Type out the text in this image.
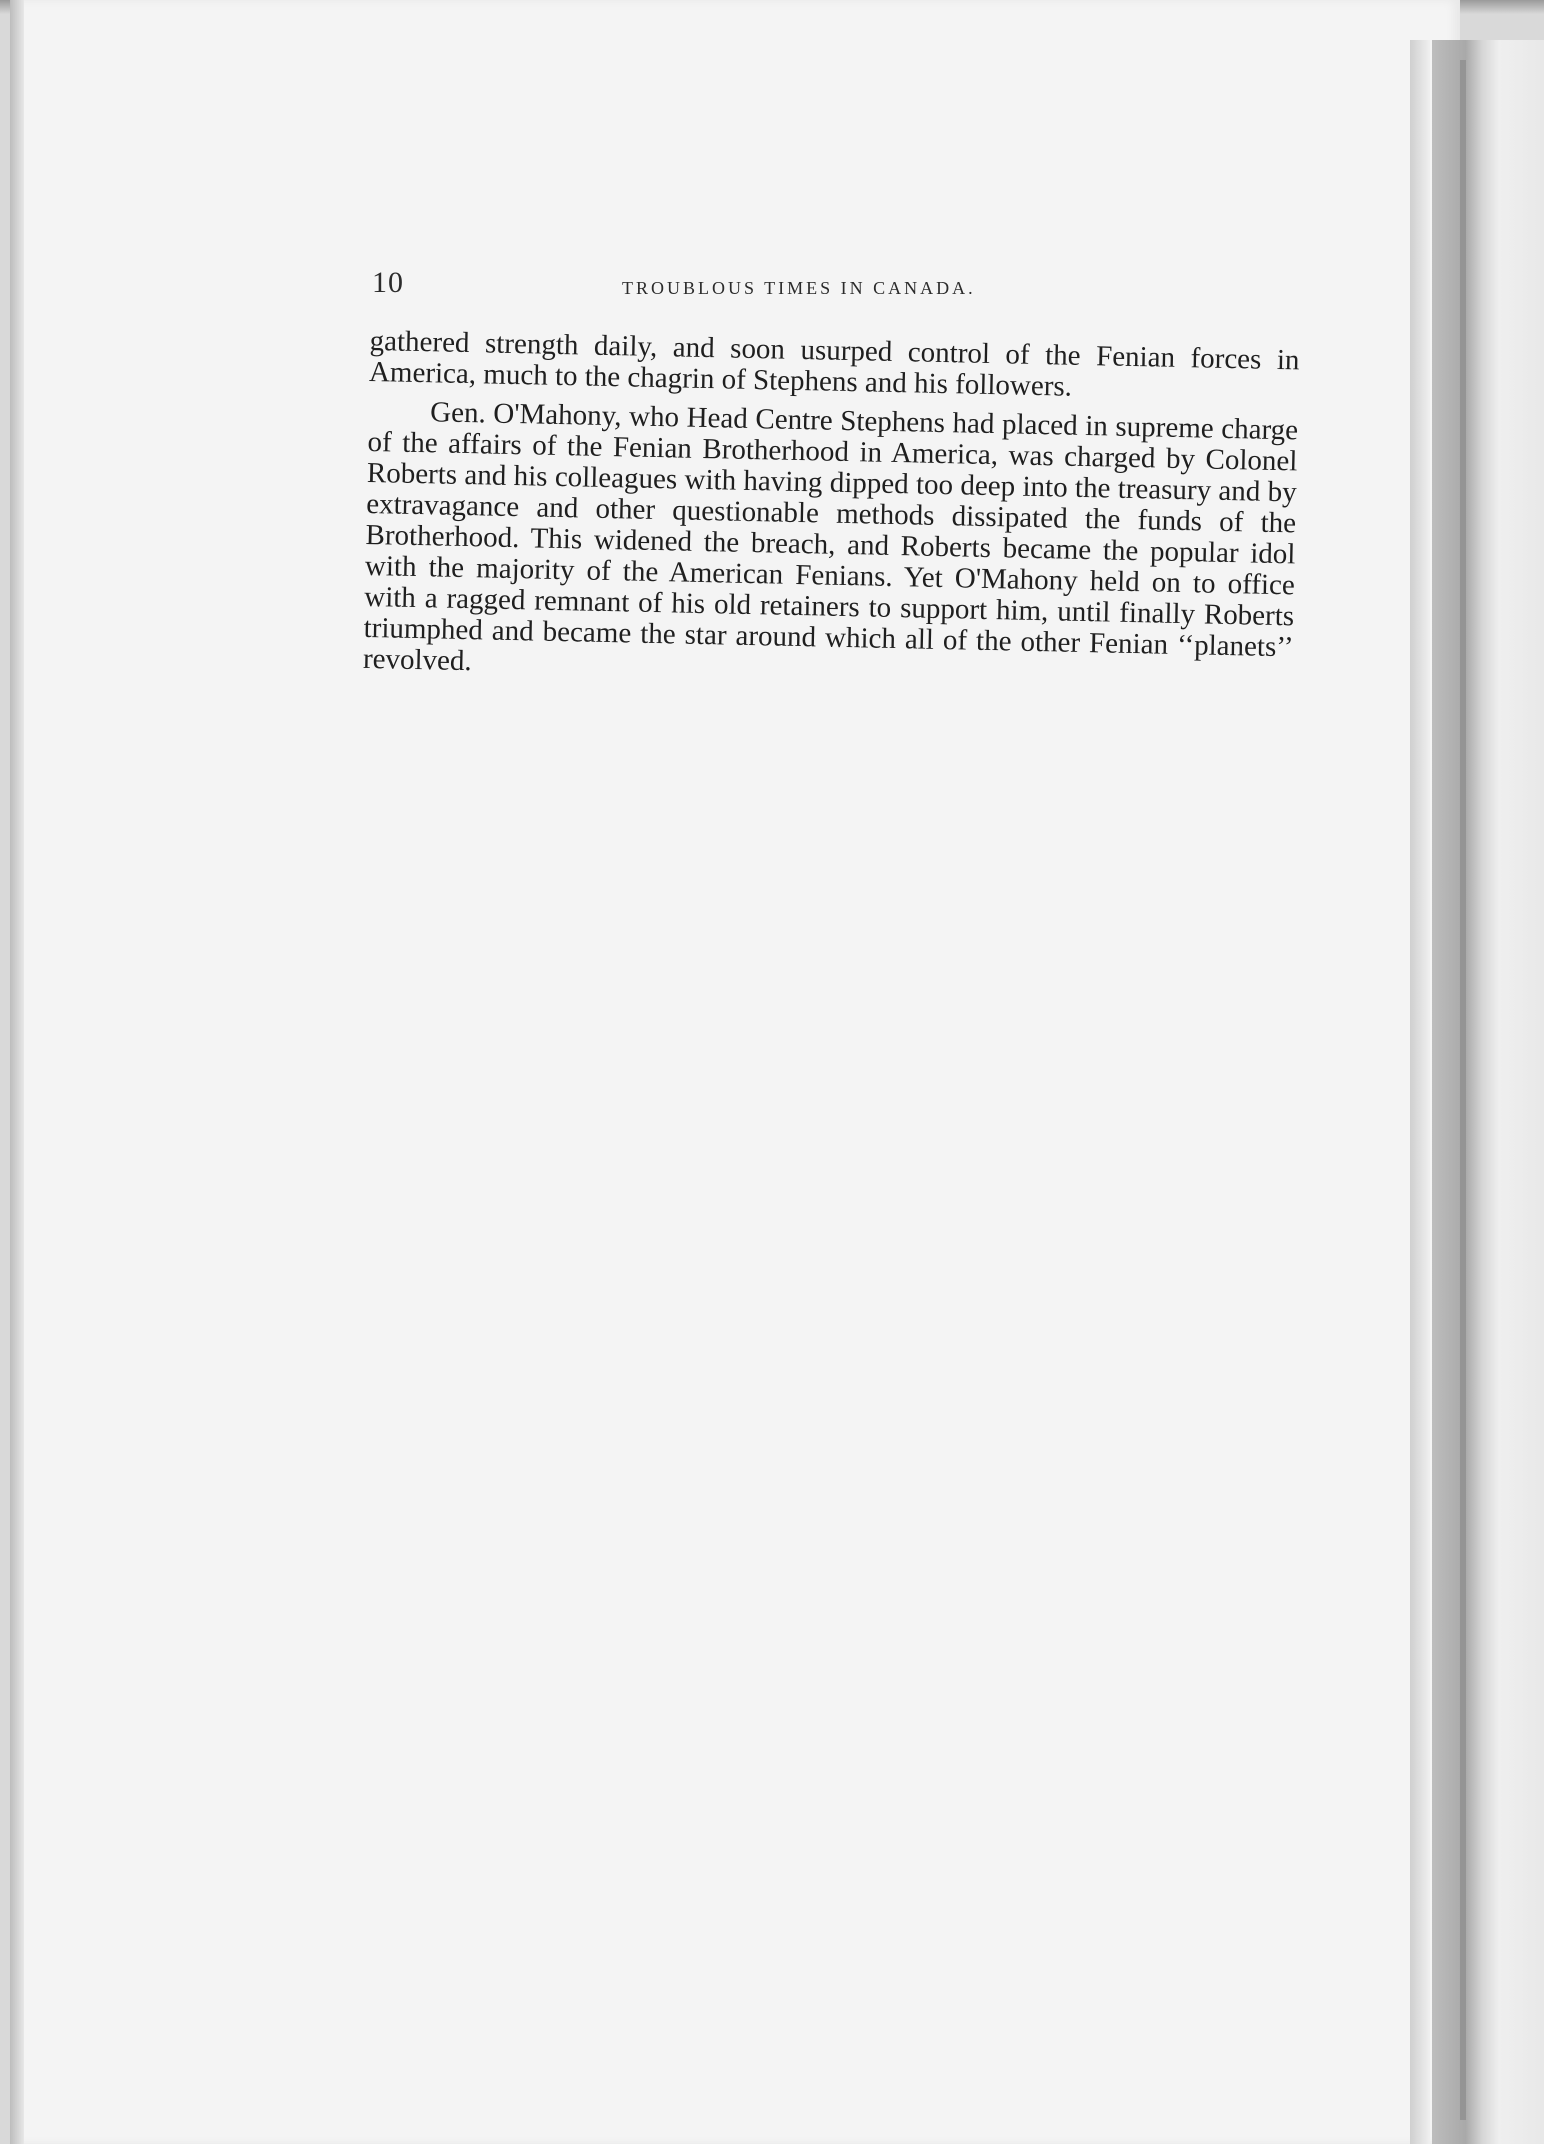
10	TROUBLOUS TIMES IN CANADA.

gathered strength daily, and soon usurped control of the Fenian forces in America, much to the chagrin of Stephens and his followers.

Gen. O'Mahony, who Head Centre Stephens had placed in supreme charge of the affairs of the Fenian Brotherhood in America, was charged by Colonel Roberts and his colleagues with having dipped too deep into the treasury and by extravagance and other questionable methods dissipated the funds of the Brotherhood. This widened the breach, and Roberts became the popular idol with the majority of the American Fenians. Yet O'Mahony held on to office with a ragged remnant of his old retainers to support him, until finally Roberts triumphed and became the star around which all of the other Fenian ‘‘planets’’ revolved.
